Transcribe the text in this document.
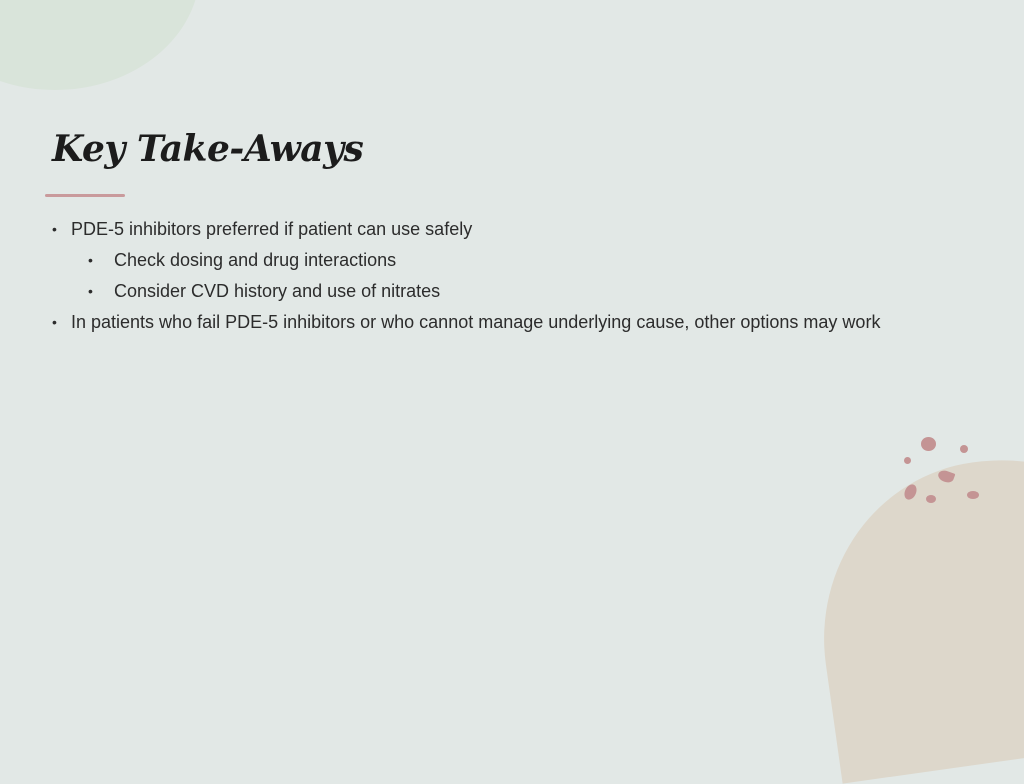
Key Take-Aways
• PDE-5 inhibitors preferred if patient can use safely
• Check dosing and drug interactions
• Consider CVD history and use of nitrates
• In patients who fail PDE-5 inhibitors or who cannot manage underlying cause, other options may work
